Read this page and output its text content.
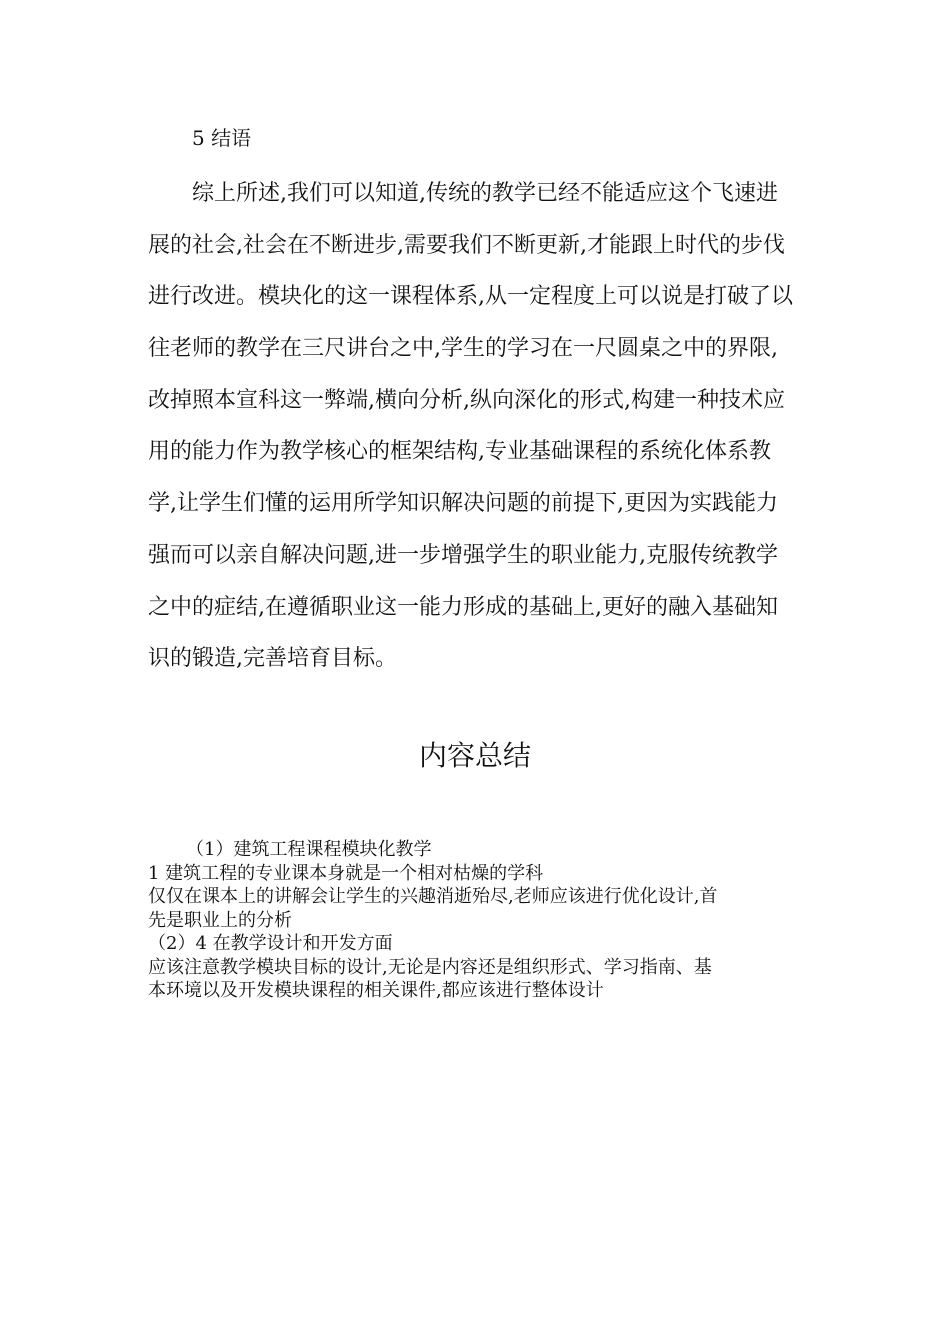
5 结语
综上所述,我们可以知道,传统的教学已经不能适应这个飞速进
展的社会,社会在不断进步,需要我们不断更新,才能跟上时代的步伐
进行改进。模块化的这一课程体系,从一定程度上可以说是打破了以
往老师的教学在三尺讲台之中,学生的学习在一尺圆桌之中的界限,
改掉照本宣科这一弊端,横向分析,纵向深化的形式,构建一种技术应
用的能力作为教学核心的框架结构,专业基础课程的系统化体系教
学,让学生们懂的运用所学知识解决问题的前提下,更因为实践能力
强而可以亲自解决问题,进一步增强学生的职业能力,克服传统教学
之中的症结,在遵循职业这一能力形成的基础上,更好的融入基础知
识的锻造,完善培育目标。
内容总结
（1）建筑工程课程模块化教学
1 建筑工程的专业课本身就是一个相对枯燥的学科
仅仅在课本上的讲解会让学生的兴趣消逝殆尽,老师应该进行优化设计,首
先是职业上的分析
（2）4 在教学设计和开发方面
应该注意教学模块目标的设计,无论是内容还是组织形式、学习指南、基
本环境以及开发模块课程的相关课件,都应该进行整体设计
